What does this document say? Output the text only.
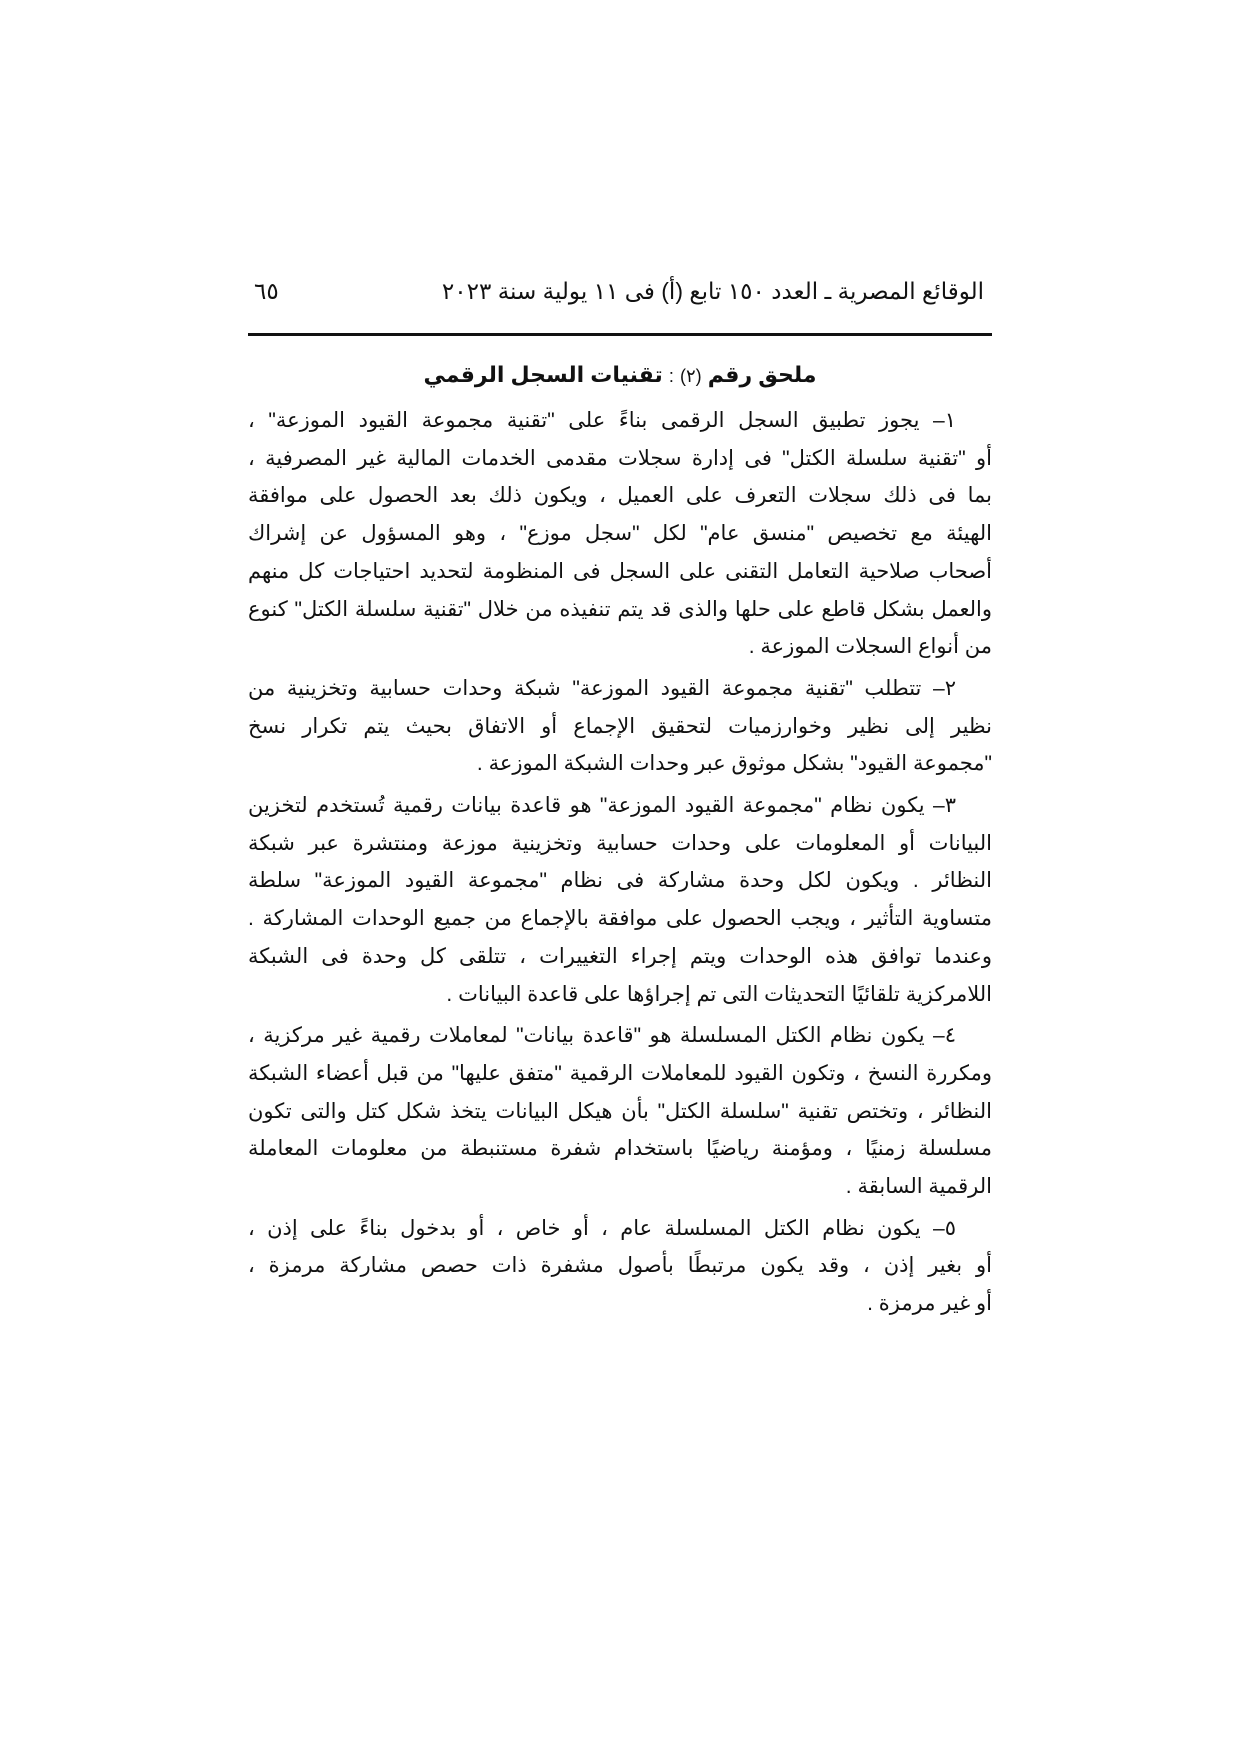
الوقائع المصرية ـ العدد ١٥٠ تابع (أ) فى ١١ يولية سنة ٢٠٢٣
٦٥
ملحق رقم (٢) : تقنيات السجل الرقمي

١– يجوز تطبيق السجل الرقمى بناءً على "تقنية مجموعة القيود الموزعة" ،
أو "تقنية سلسلة الكتل" فى إدارة سجلات مقدمى الخدمات المالية غير المصرفية ،
بما فى ذلك سجلات التعرف على العميل ، ويكون ذلك بعد الحصول على موافقة
الهيئة مع تخصيص "منسق عام" لكل "سجل موزع" ، وهو المسؤول عن إشراك
أصحاب صلاحية التعامل التقنى على السجل فى المنظومة لتحديد احتياجات كل منهم
والعمل بشكل قاطع على حلها والذى قد يتم تنفيذه من خلال "تقنية سلسلة الكتل" كنوع
من أنواع السجلات الموزعة .

٢– تتطلب "تقنية مجموعة القيود الموزعة" شبكة وحدات حسابية وتخزينية من
نظير إلى نظير وخوارزميات لتحقيق الإجماع أو الاتفاق بحيث يتم تكرار نسخ
"مجموعة القيود" بشكل موثوق عبر وحدات الشبكة الموزعة .

٣– يكون نظام "مجموعة القيود الموزعة" هو قاعدة بيانات رقمية تُستخدم لتخزين
البيانات أو المعلومات على وحدات حسابية وتخزينية موزعة ومنتشرة عبر شبكة
النظائر . ويكون لكل وحدة مشاركة فى نظام "مجموعة القيود الموزعة" سلطة
متساوية التأثير ، ويجب الحصول على موافقة بالإجماع من جميع الوحدات المشاركة .
وعندما توافق هذه الوحدات ويتم إجراء التغييرات ، تتلقى كل وحدة فى الشبكة
اللامركزية تلقائيًا التحديثات التى تم إجراؤها على قاعدة البيانات .

٤– يكون نظام الكتل المسلسلة هو "قاعدة بيانات" لمعاملات رقمية غير مركزية ،
ومكررة النسخ ، وتكون القيود للمعاملات الرقمية "متفق عليها" من قبل أعضاء الشبكة
النظائر ، وتختص تقنية "سلسلة الكتل" بأن هيكل البيانات يتخذ شكل كتل والتى تكون
مسلسلة زمنيًا ، ومؤمنة رياضيًا باستخدام شفرة مستنبطة من معلومات المعاملة
الرقمية السابقة .

٥– يكون نظام الكتل المسلسلة عام ، أو خاص ، أو بدخول بناءً على إذن ،
أو بغير إذن ، وقد يكون مرتبطًا بأصول مشفرة ذات حصص مشاركة مرمزة ،
أو غير مرمزة .
